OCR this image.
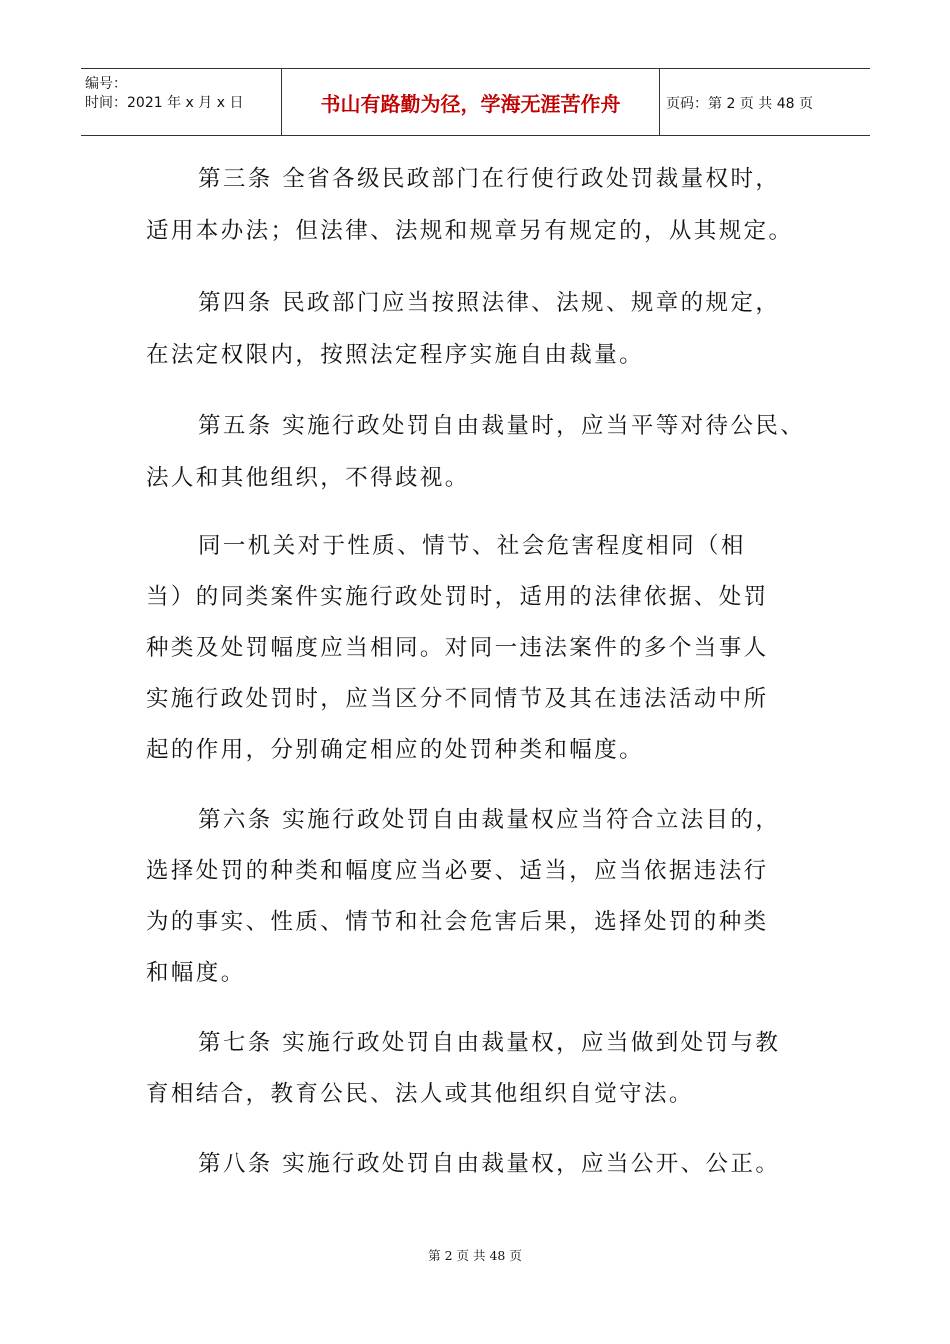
编号：
时间：2021 年 x 月 x 日	书山有路勤为径，学海无涯苦作舟	页码：第 2 页 共 48 页
第三条 全省各级民政部门在行使行政处罚裁量权时，
适用本办法；但法律、法规和规章另有规定的，从其规定。
第四条 民政部门应当按照法律、法规、规章的规定，
在法定权限内，按照法定程序实施自由裁量。
第五条 实施行政处罚自由裁量时，应当平等对待公民、
法人和其他组织，不得歧视。
同一机关对于性质、情节、社会危害程度相同（相
当）的同类案件实施行政处罚时，适用的法律依据、处罚
种类及处罚幅度应当相同。对同一违法案件的多个当事人
实施行政处罚时，应当区分不同情节及其在违法活动中所
起的作用，分别确定相应的处罚种类和幅度。
第六条 实施行政处罚自由裁量权应当符合立法目的，
选择处罚的种类和幅度应当必要、适当，应当依据违法行
为的事实、性质、情节和社会危害后果，选择处罚的种类
和幅度。
第七条 实施行政处罚自由裁量权，应当做到处罚与教
育相结合，教育公民、法人或其他组织自觉守法。
第八条 实施行政处罚自由裁量权，应当公开、公正。
第 2 页 共 48 页
